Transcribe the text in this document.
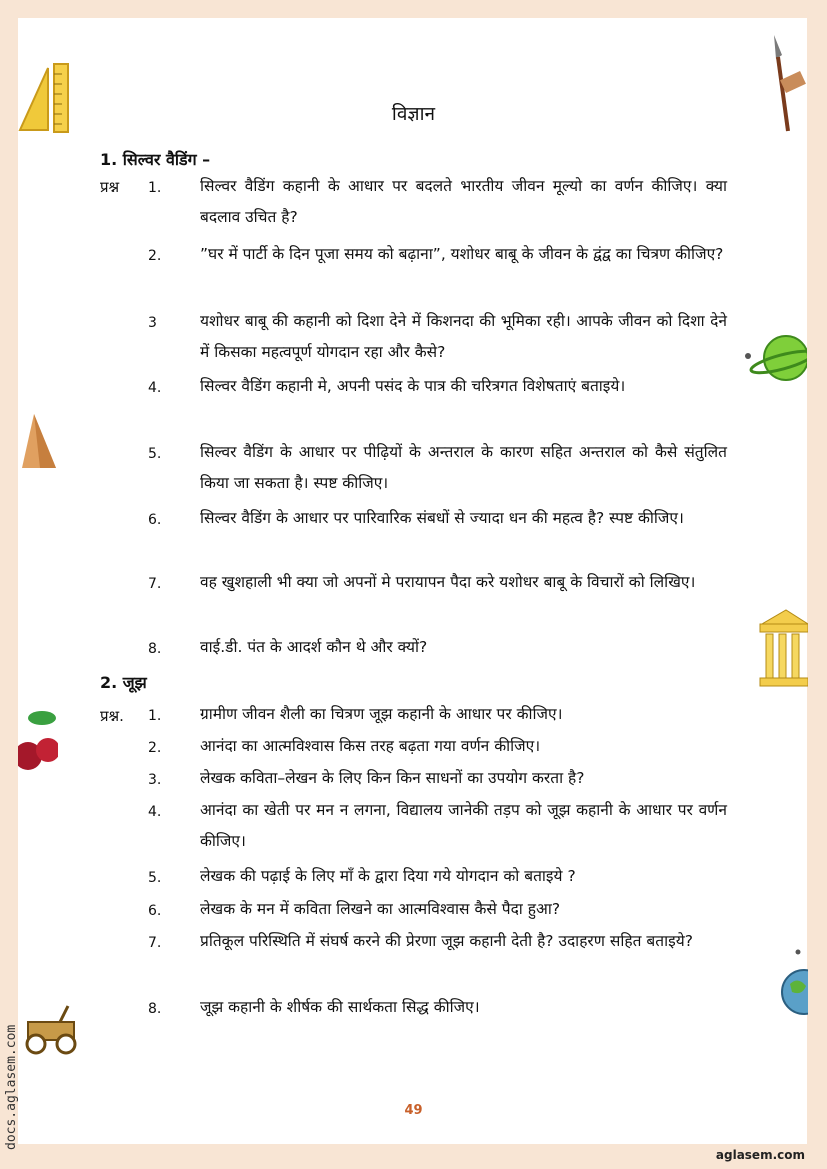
विज्ञान
1. सिल्वर वैडिंग –
प्रश्न 1. सिल्वर वैडिंग कहानी के आधार पर बदलते भारतीय जीवन मूल्यो का वर्णन कीजिए। क्या बदलाव उचित है?
2. ”घर में पार्टी के दिन पूजा समय को बढ़ाना”, यशोधर बाबू के जीवन के द्वंद्व का चित्रण कीजिए?
3	यशोधर बाबू की कहानी को दिशा देने में किशनदा की भूमिका रही। आपके जीवन को दिशा देने में किसका महत्वपूर्ण योगदान रहा और कैसे?
4. सिल्वर वैडिंग कहानी मे, अपनी पसंद के पात्र की चरित्रगत विशेषताएं बताइये।
5. सिल्वर वैडिंग के आधार पर पीढ़ियों के अन्तराल के कारण सहित अन्तराल को कैसे संतुलित किया जा सकता है। स्पष्ट कीजिए।
6. सिल्वर वैडिंग के आधार पर पारिवारिक संबधों से ज्यादा धन की महत्व है? स्पष्ट कीजिए।
7. वह खुशहाली भी क्या जो अपनों मे परायापन पैदा करे यशोधर बाबू के विचारों को लिखिए।
8. वाई.डी. पंत के आदर्श कौन थे और क्यों?
2. जूझ
प्रश्न. 1. ग्रामीण जीवन शैली का चित्रण जूझ कहानी के आधार पर कीजिए।
2. आनंदा का आत्मविश्वास किस तरह बढ़ता गया वर्णन कीजिए।
3. लेखक कविता–लेखन के लिए किन किन साधनों का उपयोग करता है?
4. आनंदा का खेती पर मन न लगना, विद्यालय जानेकी तड़प को जूझ कहानी के आधार पर वर्णन कीजिए।
5. लेखक की पढ़ाई के लिए माँ के द्वारा दिया गये योगदान को बताइये ?
6. लेखक के मन में कविता लिखने का आत्मविश्वास कैसे पैदा हुआ?
7. प्रतिकूल परिस्थिति में संघर्ष करने की प्रेरणा जूझ कहानी देती है? उदाहरण सहित बताइये?
8. जूझ कहानी के शीर्षक की सार्थकता सिद्ध कीजिए।
49
aglasem.com
docs.aglasem.com
